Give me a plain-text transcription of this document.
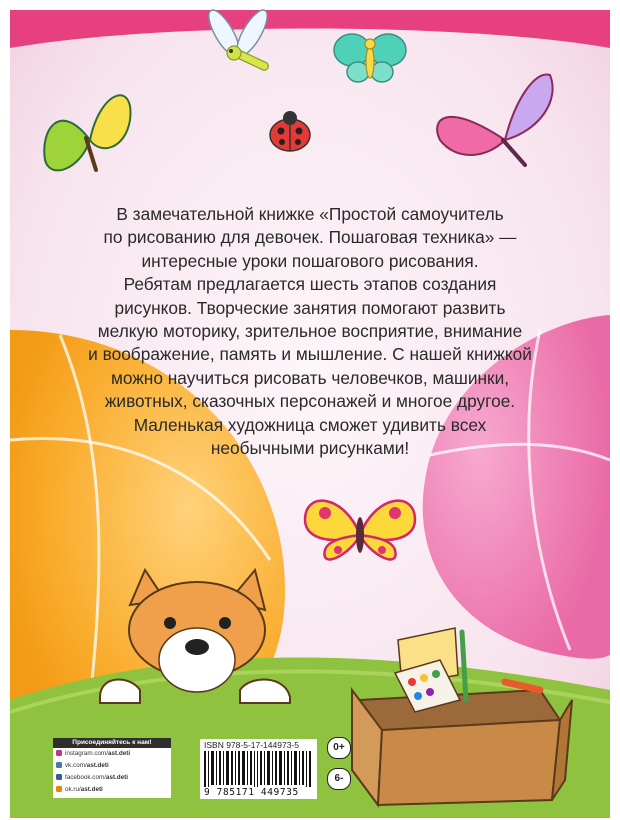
В замечательной книжке «Простой самоучитель

по рисованию для девочек. Пошаговая техника» —

интересные уроки пошагового рисования.

Ребятам предлагается шесть этапов создания

рисунков. Творческие занятия помогают развить

мелкую моторику, зрительное восприятие, внимание

и воображение, память и мышление. С нашей книжкой

можно научиться рисовать человечков, машинки,

животных, сказочных персонажей и многое другое.

Маленькая художница сможет удивить всех

необычными рисунками!

Присоединяйтесь к нам!
instagram.com/ast.deti
vk.com/ast.deti
facebook.com/ast.deti
ok.ru/ast.deti
ISBN 978-5-17-144973-5
9 785171 449735
0+
6-
